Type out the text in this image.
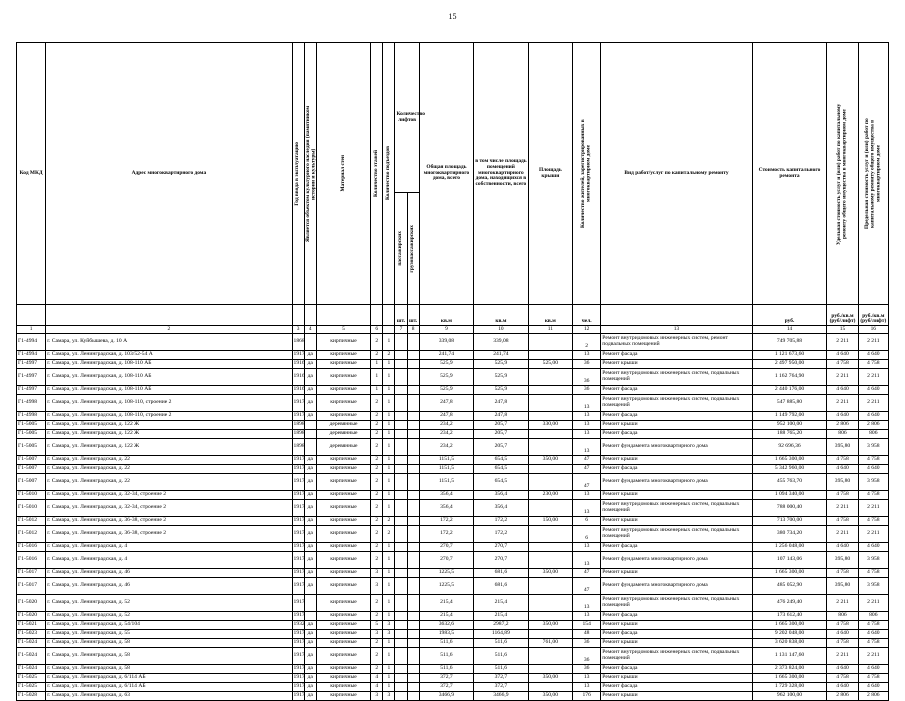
15
Код МКД	Адрес многоквартирного дома	Год ввода в эксплуатацию	Является объектом культурного наследия (памятником истории и культуры)	Материал стен	Количество этажей	Количество подъездов	Количество лифтов		Общая площадь многоквартирного дома, всего	в том числе площадь помещений многоквартирного дома, находящихся в собственности, всего	Площадь крыши	Количество жителей, зарегистрированных в многоквартирном доме	Вид работ/услуг по капитальному ремонту	Стоимость капитального ремонта	Удельная стоимость услуг и (или) работ по капитальному ремонту общего имущества в многоквартирном доме	Предельная стоимость услуг и (или) работ по капитальному ремонту общего имущества в многоквартирном доме

							пассажирских	грузопассажирских								

							шт.	шт.	кв.м	кв.м	кв.м	чел.		руб.	руб./кв.м (руб/лифт)	руб./кв.м (руб/лифт)
1	2	3	4	5	6		7	8	9	10	11	12	13	14	15	16
Г1-4994	г. Самара, ул. Куйбышева, д. 10 А	1868		кирпичные	2	1			339,08	339,08		2	Ремонт внутридомовых инженерных систем, ремонт подвальных помещений	749 705,88	2 211	2 211
Г1-4994	г. Самара, ул. Ленинградская, д. 103/52-54 А	1917	да	кирпичные	2	2			241,74	241,74		13	Ремонт фасада	1 121 673,60	4 640	4 640
Г1-4997	г. Самара, ул. Ленинградская, д. 108-110 АБ	1916	да	кирпичные	1	1			525,9	525,9	525,00	36	Ремонт крыши	2 497 950,00	4 758	4 758
Г1-4997	г. Самара, ул. Ленинградская, д. 108-110 АБ	1916	да	кирпичные	1	1			525,9	525,9		36	Ремонт внутридомовых инженерных систем, подвальных помещений	1 162 764,90	2 211	2 211
Г1-4997	г. Самара, ул. Ленинградская, д. 108-110 АБ	1916	да	кирпичные	1	1			525,9	525,9		36	Ремонт фасада	2 440 176,00	4 640	4 640
Г1-4998	г. Самара, ул. Ленинградская, д. 108-110, строение 2	1917	да	кирпичные	2	1			247,8	247,8		13	Ремонт внутридомовых инженерных систем, подвальных помещений	547 885,80	2 211	2 211
Г1-4998	г. Самара, ул. Ленинградская, д. 108-110, строение 2	1917	да	кирпичные	2	1			247,8	247,8		13	Ремонт фасада	1 149 792,00	4 640	4 640
Г1-5005	г. Самара, ул. Ленинградская, д. 122 Ж	1898		деревянные	2	1			234,2	205,7	330,00	13	Ремонт крыши	952 100,00	2 806	2 806
Г1-5005	г. Самара, ул. Ленинградская, д. 122 Ж	1898		деревянные	2	1			234,2	205,7		13	Ремонт фасада	188 765,20	806	806
Г1-5005	г. Самара, ул. Ленинградская, д. 122 Ж	1898		деревянные	2	1			234,2	205,7		13	Ремонт фундамента многоквартирного дома	92 696,36	395,80	3 958
Г1-5007	г. Самара, ул. Ленинградская, д. 22	1917	да	кирпичные	2	1			1151,5	654,5	350,00	47	Ремонт крыши	1 665 300,00	4 758	4 758
Г1-5007	г. Самара, ул. Ленинградская, д. 22	1917	да	кирпичные	2	1			1151,5	654,5		47	Ремонт фасада	5 342 960,00	4 640	4 640
Г1-5007	г. Самара, ул. Ленинградская, д. 22	1917	да	кирпичные	2	1			1151,5	654,5		47	Ремонт фундамента многоквартирного дома	455 763,70	395,80	3 958
Г1-5010	г. Самара, ул. Ленинградская, д. 32-34, строение 2	1917	да	кирпичные	2	1			356,4	356,4	230,00	13	Ремонт крыши	1 094 340,00	4 758	4 758
Г1-5010	г. Самара, ул. Ленинградская, д. 32-34, строение 2	1917	да	кирпичные	2	1			356,4	356,4		13	Ремонт внутридомовых инженерных систем, подвальных помещений	788 000,40	2 211	2 211
Г1-5012	г. Самара, ул. Ленинградская, д. 36-38, строение 2	1917	да	кирпичные	2	2			172,2	172,2	150,00	6	Ремонт крыши	713 700,00	4 758	4 758
Г1-5012	г. Самара, ул. Ленинградская, д. 36-38, строение 2	1917	да	кирпичные	2	2			172,2	172,2		6	Ремонт внутридомовых инженерных систем, подвальных помещений	380 734,20	2 211	2 211
Г1-5016	г. Самара, ул. Ленинградская, д. 4	1917	да	кирпичные	2	1			270,7	270,7		13	Ремонт фасада	1 256 048,00	4 640	4 640
Г1-5016	г. Самара, ул. Ленинградская, д. 4	1917	да	кирпичные	2	1			270,7	270,7		13	Ремонт фундамента многоквартирного дома	107 143,06	395,80	3 958
Г1-5017	г. Самара, ул. Ленинградская, д. 46	1917	да	кирпичные	3	1			1225,5	681,6	350,00	47	Ремонт крыши	1 665 300,00	4 758	4 758
Г1-5017	г. Самара, ул. Ленинградская, д. 46	1917	да	кирпичные	3	1			1225,5	681,6		47	Ремонт фундамента многоквартирного дома	485 052,90	395,80	3 958
Г1-5020	г. Самара, ул. Ленинградская, д. 52	1917		кирпичные	2	1			215,4	215,4		13	Ремонт внутридомовых инженерных систем, подвальных помещений	476 249,40	2 211	2 211
Г1-5020	г. Самара, ул. Ленинградская, д. 52	1917		кирпичные	2	1			215,4	215,4		13	Ремонт фасада	173 612,40	806	806
Г1-5021	г. Самара, ул. Ленинградская, д. 54/104	1932	да	кирпичные	5	3			3632,6	2987,2	350,00	154	Ремонт крыши	1 665 300,00	4 758	4 758
Г1-5023	г. Самара, ул. Ленинградская, д. 55	1917	да	кирпичные	3	3			1983,5	1164,89		48	Ремонт фасада	9 202 048,00	4 640	4 640
Г1-5024	г. Самара, ул. Ленинградская, д. 58	1917	да	кирпичные	2	1			511,6	511,6	761,00	36	Ремонт крыши	3 620 838,00	4 758	4 758
Г1-5024	г. Самара, ул. Ленинградская, д. 58	1917	да	кирпичные	2	1			511,6	511,6		36	Ремонт внутридомовых инженерных систем, подвальных помещений	1 131 147,60	2 211	2 211
Г1-5024	г. Самара, ул. Ленинградская, д. 58	1917	да	кирпичные	2	1			511,6	511,6		36	Ремонт фасада	2 373 824,00	4 640	4 640
Г1-5025	г. Самара, ул. Ленинградская, д. 6/114 АБ	1917	да	кирпичные	4	1			372,7	372,7	350,00	13	Ремонт крыши	1 665 300,00	4 758	4 758
Г1-5025	г. Самара, ул. Ленинградская, д. 6/114 АБ	1917	да	кирпичные	4	1			372,7	372,7		13	Ремонт фасада	1 729 328,00	4 640	4 640
Г1-5028	г. Самара, ул. Ленинградская, д. 63	1917	да	кирпичные	3	3			3466,9	3466,9	350,00	176	Ремонт крыши	962 100,00	2 806	2 806
